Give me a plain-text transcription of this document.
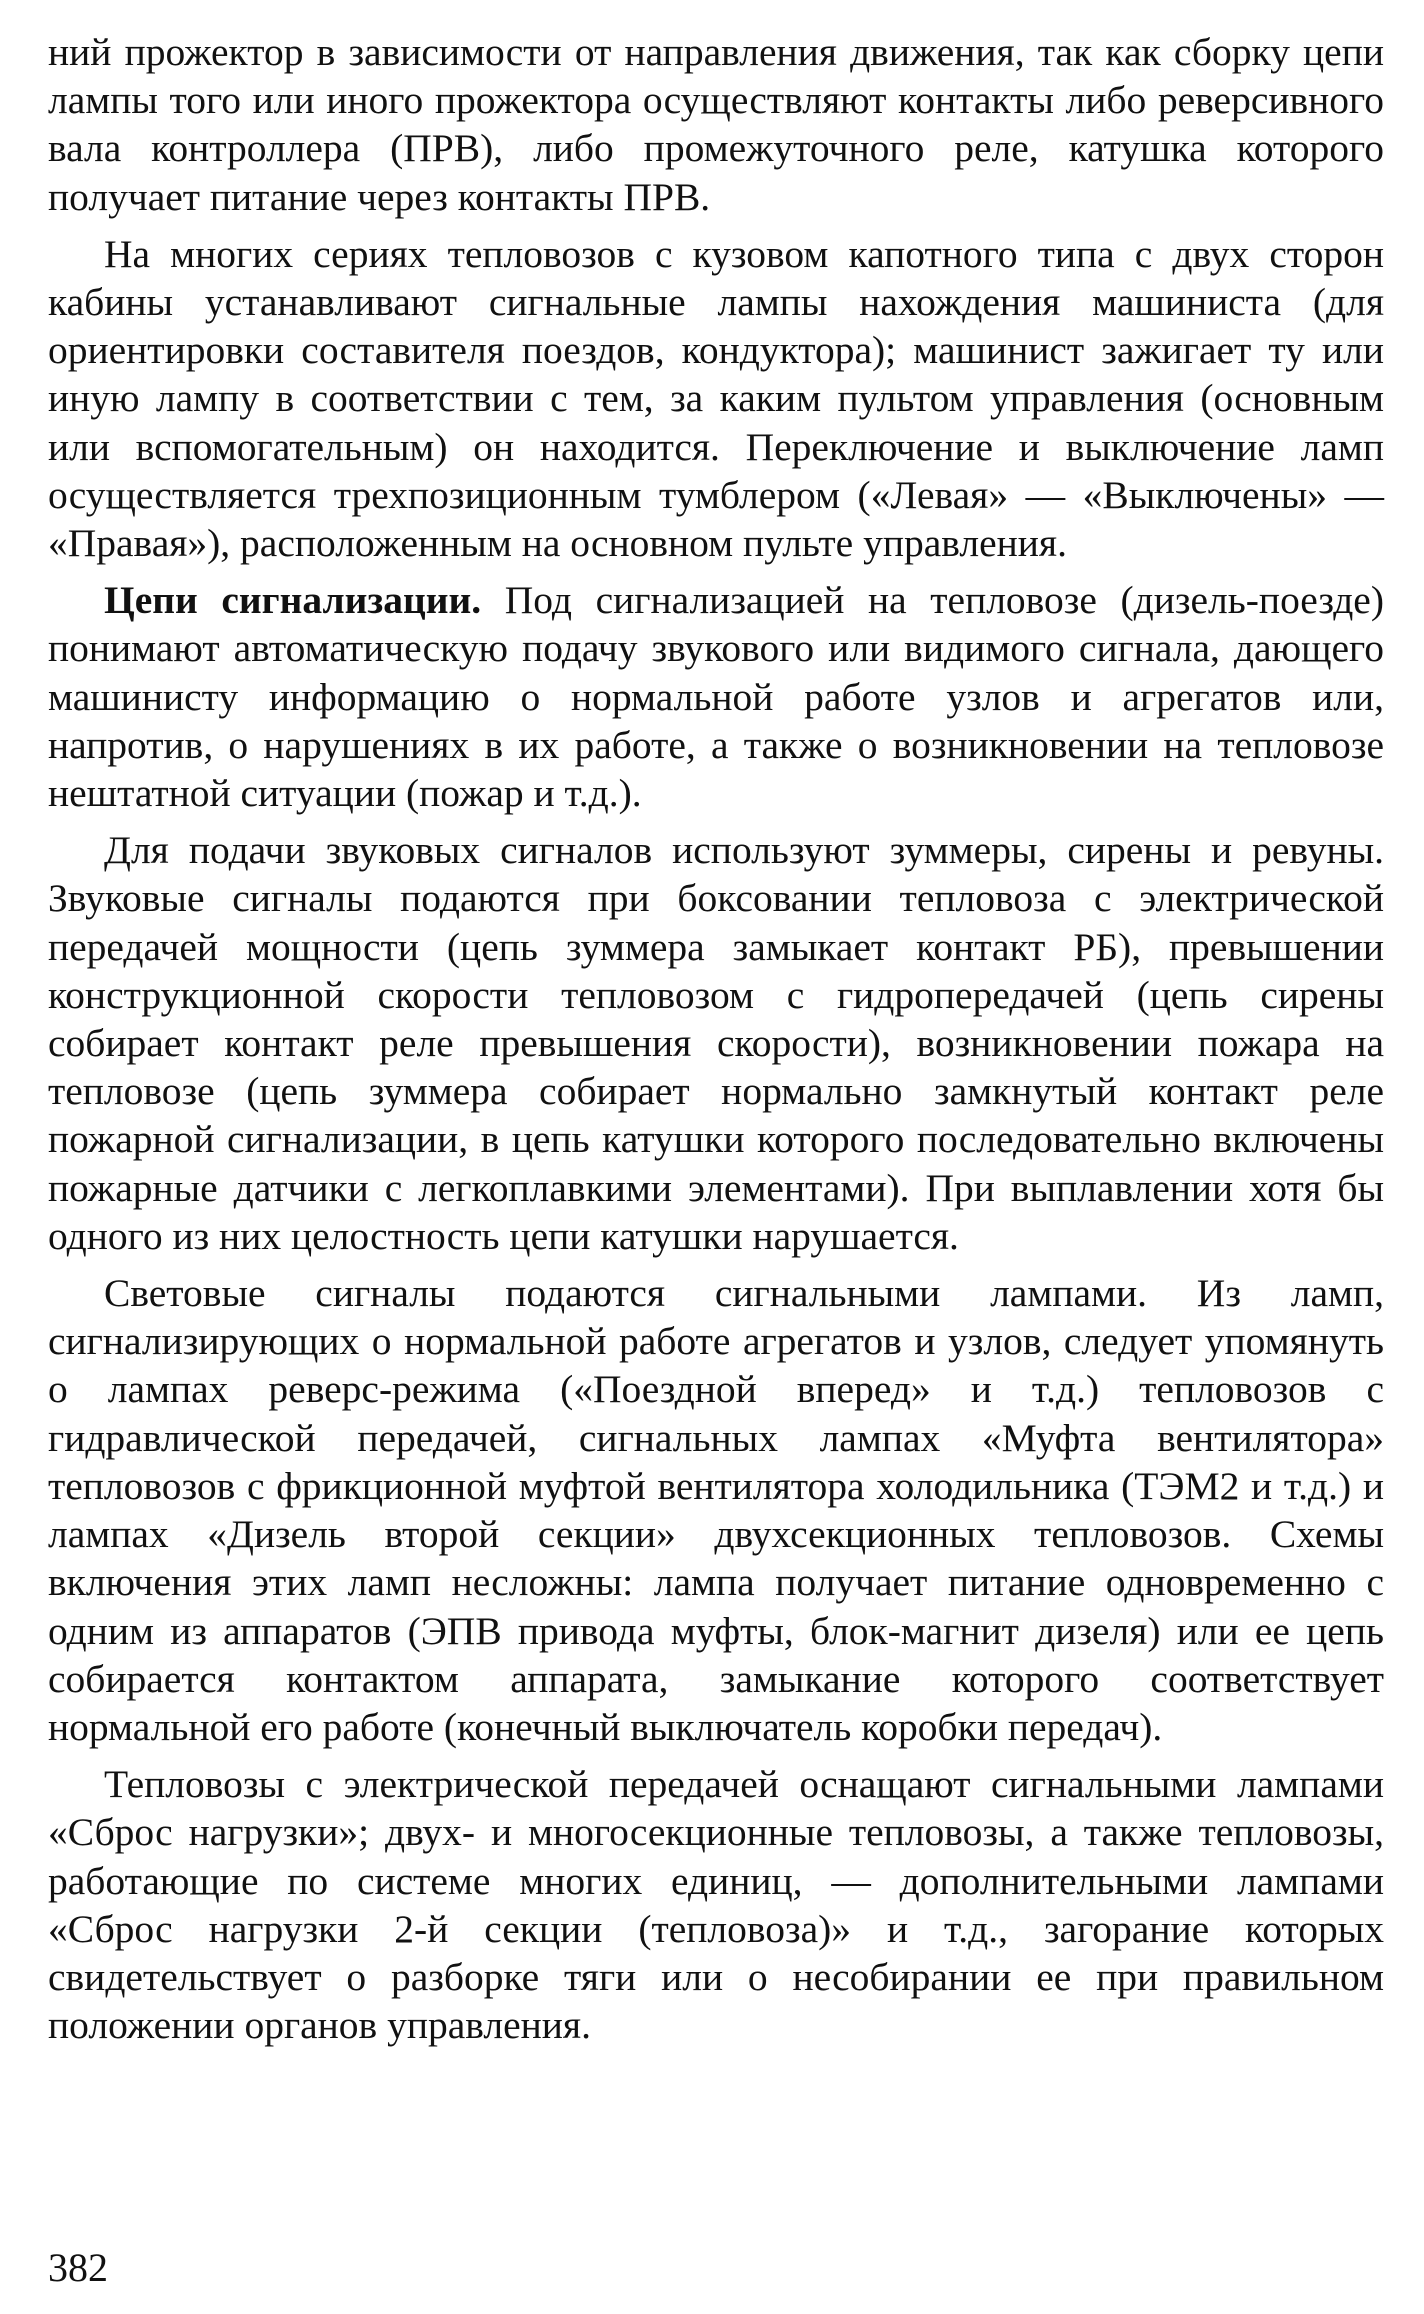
ний прожектор в зависимости от направления движения, так как сборку цепи лампы того или иного прожектора осуществляют контакты либо реверсивного вала контроллера (ПРВ), либо промежуточного реле, катушка которого получает питание через контакты ПРВ.

На многих сериях тепловозов с кузовом капотного типа с двух сторон кабины устанавливают сигнальные лампы нахождения машиниста (для ориентировки составителя поездов, кондуктора); машинист зажигает ту или иную лампу в соответствии с тем, за каким пультом управления (основным или вспомогательным) он находится. Переключение и выключение ламп осуществляется трехпозиционным тумблером («Левая» — «Выключены» — «Правая»), расположенным на основном пульте управления.

Цепи сигнализации. Под сигнализацией на тепловозе (дизель-поезде) понимают автоматическую подачу звукового или видимого сигнала, дающего машинисту информацию о нормальной работе узлов и агрегатов или, напротив, о нарушениях в их работе, а также о возникновении на тепловозе нештатной ситуации (пожар и т.д.).

Для подачи звуковых сигналов используют зуммеры, сирены и ревуны. Звуковые сигналы подаются при боксовании тепловоза с электрической передачей мощности (цепь зуммера замыкает контакт РБ), превышении конструкционной скорости тепловозом с гидропередачей (цепь сирены собирает контакт реле превышения скорости), возникновении пожара на тепловозе (цепь зуммера собирает нормально замкнутый контакт реле пожарной сигнализации, в цепь катушки которого последовательно включены пожарные датчики с легкоплавкими элементами). При выплавлении хотя бы одного из них целостность цепи катушки нарушается.

Световые сигналы подаются сигнальными лампами. Из ламп, сигнализирующих о нормальной работе агрегатов и узлов, следует упомянуть о лампах реверс-режима («Поездной вперед» и т.д.) тепловозов с гидравлической передачей, сигнальных лампах «Муфта вентилятора» тепловозов с фрикционной муфтой вентилятора холодильника (ТЭМ2 и т.д.) и лампах «Дизель второй секции» двухсекционных тепловозов. Схемы включения этих ламп несложны: лампа получает питание одновременно с одним из аппаратов (ЭПВ привода муфты, блок-магнит дизеля) или ее цепь собирается контактом аппарата, замыкание которого соответствует нормальной его работе (конечный выключатель коробки передач).

Тепловозы с электрической передачей оснащают сигнальными лампами «Сброс нагрузки»; двух- и многосекционные тепловозы, а также тепловозы, работающие по системе многих единиц, — дополнительными лампами «Сброс нагрузки 2-й секции (тепловоза)» и т.д., загорание которых свидетельствует о разборке тяги или о несобирании ее при правильном положении органов управления.

382
